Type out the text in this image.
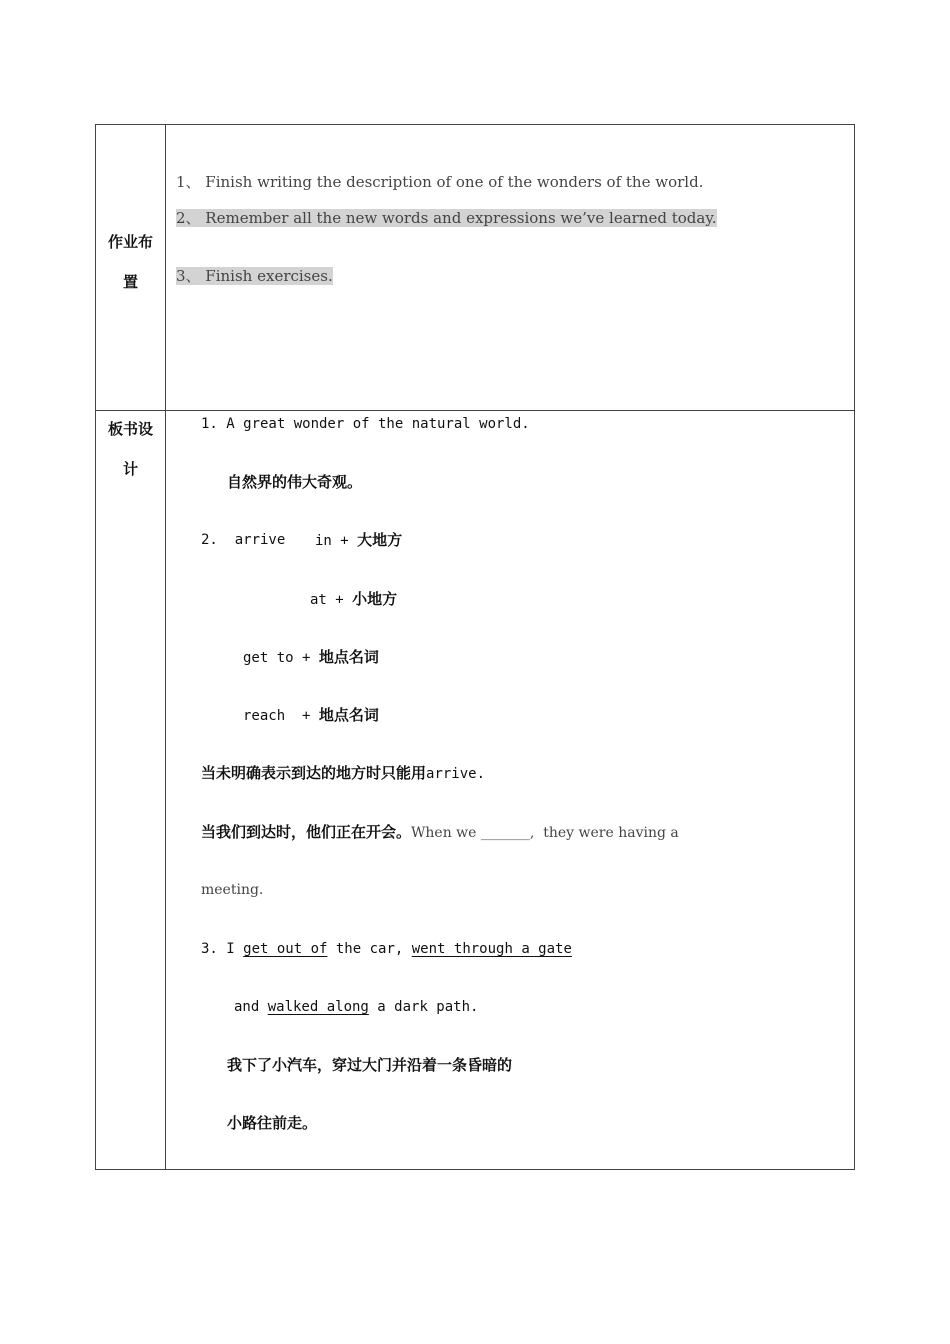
作业布
置
1、 Finish writing the description of one of the wonders of the world.
2、 Remember all the new words and expressions we’ve learned today.
3、 Finish exercises.
板书设
计
1. A great wonder of the natural world.
自然界的伟大奇观。
2.  arrive in + 大地方
at + 小地方
get to + 地点名词
reach  + 地点名词
当未明确表示到达的地方时只能用arrive.
当我们到达时，他们正在开会。When we _______,  they were having a
meeting.
3. I get out of the car, went through a gate
and walked along a dark path.
我下了小汽车，穿过大门并沿着一条昏暗的
小路往前走。
